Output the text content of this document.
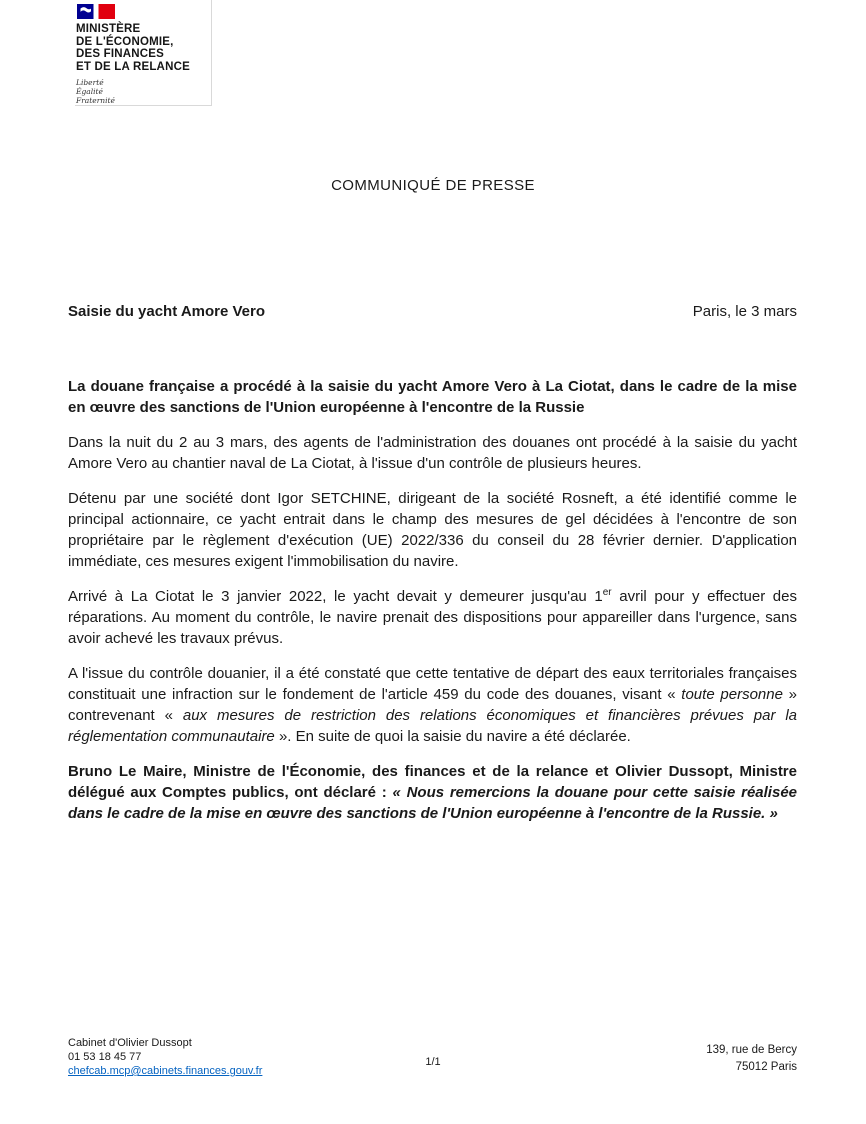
MINISTÈRE
DE L'ÉCONOMIE,
DES FINANCES
ET DE LA RELANCE
Liberté
Égalité
Fraternité
COMMUNIQUÉ DE PRESSE
Saisie du yacht Amore Vero	Paris, le 3 mars

La douane française a procédé à la saisie du yacht Amore Vero à La Ciotat, dans le cadre de la mise en œuvre des sanctions de l'Union européenne à l'encontre de la Russie

Dans la nuit du 2 au 3 mars, des agents de l'administration des douanes ont procédé à la saisie du yacht Amore Vero au chantier naval de La Ciotat, à l'issue d'un contrôle de plusieurs heures.

Détenu par une société dont Igor SETCHINE, dirigeant de la société Rosneft, a été identifié comme le principal actionnaire, ce yacht entrait dans le champ des mesures de gel décidées à l'encontre de son propriétaire par le règlement d'exécution (UE) 2022/336 du conseil du 28 février dernier. D'application immédiate, ces mesures exigent l'immobilisation du navire.

Arrivé à La Ciotat le 3 janvier 2022, le yacht devait y demeurer jusqu'au 1er avril pour y effectuer des réparations. Au moment du contrôle, le navire prenait des dispositions pour appareiller dans l'urgence, sans avoir achevé les travaux prévus.

A l'issue du contrôle douanier, il a été constaté que cette tentative de départ des eaux territoriales françaises constituait une infraction sur le fondement de l'article 459 du code des douanes, visant « toute personne » contrevenant « aux mesures de restriction des relations économiques et financières prévues par la réglementation communautaire ». En suite de quoi la saisie du navire a été déclarée.

Bruno Le Maire, Ministre de l'Économie, des finances et de la relance et Olivier Dussopt, Ministre délégué aux Comptes publics, ont déclaré : « Nous remercions la douane pour cette saisie réalisée dans le cadre de la mise en œuvre des sanctions de l'Union européenne à l'encontre de la Russie. »

Cabinet d'Olivier Dussopt
01 53 18 45 77
chefcab.mcp@cabinets.finances.gouv.fr
1/1
139, rue de Bercy
75012 Paris
